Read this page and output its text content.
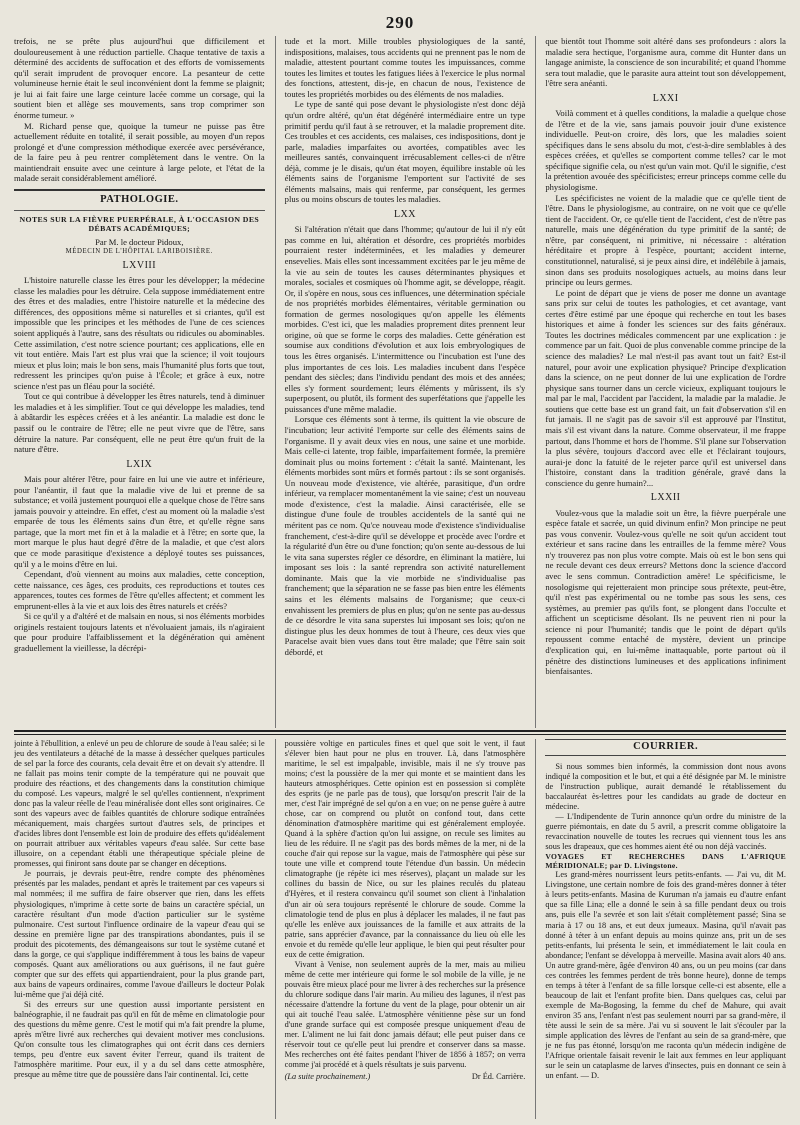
290

trefois, ne se prête plus aujourd'hui que difficilement et douloureusement à une réduction partielle. Chaque tentative de taxis a déterminé des accidents de suffocation et des efforts de vomissements qu'il serait imprudent de provoquer encore. La pesanteur de cette volumineuse hernie était le seul inconvénient dont la femme se plaignit; je lui ai fait faire une large ceinture lacée comme un corsage, qui la soutient bien et allège ses mouvements, sans trop comprimer son énorme tumeur. »

M. Richard pense que, quoique la tumeur ne puisse pas être actuellement réduite en totalité, il serait possible, au moyen d'un repos prolongé et d'une compression méthodique exercée avec persévérance, de la faire peu à peu rentrer complètement dans le ventre. On la maintiendrait ensuite avec une ceinture à large pelote, et l'état de la malade serait considérablement amélioré.

PATHOLOGIE.
NOTES SUR LA FIÈVRE PUERPÉRALE, À L'OCCASION DES DÉBATS ACADÉMIQUES;
Par M. le docteur Pidoux,
MÉDECIN DE L'HÔPITAL LARIBOISIÈRE.
LXVIII

L'histoire naturelle classe les êtres pour les développer; la médecine classe les maladies pour les détruire. Cela suppose immédiatement entre des êtres et des maladies, entre l'histoire naturelle et la médecine des différences, des oppositions même si naturelles et si criantes, qu'il est impossible que les principes et les méthodes de l'une de ces sciences soient appliqués à l'autre, sans des résultats ou ridicules ou abominables. Cette assimilation, c'est notre science pourtant; ces applications, elle en vit tout entière. Mais l'art est plus vrai que la science; il voit toujours mieux et plus loin; mais le bon sens, mais l'humanité plus forts que tout, redressent les principes qu'on puise à l'École; et grâce à eux, notre science n'est pas un fléau pour la société.

Tout ce qui contribue à développer les êtres naturels, tend à diminuer les maladies et à les simplifier. Tout ce qui développe les maladies, tend à abâtardir les espèces créées et à les anéantir. La maladie est donc le passif ou le contraire de l'être; elle ne peut vivre que de l'être, sans détruire la nature. Par conséquent, elle ne peut être qu'un fruit de la nature d'être.

LXIX

Mais pour altérer l'être, pour faire en lui une vie autre et inférieure, pour l'anéantir, il faut que la maladie vive de lui et prenne de sa substance; et voilà justement pourquoi elle a quelque chose de l'être sans jamais pouvoir y atteindre. En effet, c'est au moment où la maladie s'est emparée de tous les éléments sains d'un être, et qu'elle règne sans partage, que la mort met fin et à la maladie et à l'être; en sorte que, la mort marque le plus haut degré d'être de la maladie, et que c'est alors que ce mode parasitique d'existence a déployé toutes ses puissances, qu'il y a le moins d'être en lui.

Cependant, d'où viennent au moins aux maladies, cette conception, cette naissance, ces âges, ces produits, ces reproductions et toutes ces apparences, toutes ces formes de l'être qu'elles affectent; et comment les emprunent-elles à la vie et aux lois des êtres naturels et créés?

Si ce qu'il y a d'altéré et de malsain en nous, si nos éléments morbides originels restaient toujours latents et n'évoluaient jamais, ils n'agiraient que pour produire l'affaiblissement et la dégénération qui amènent graduellement la vieillesse, la décrépi-

tude et la mort. Mille troubles physiologiques de la santé, indispositions, malaises, tous accidents qui ne prennent pas le nom de maladie, attestent pourtant comme toutes les impuissances, comme toutes les limites et toutes les fatigues liées à l'exercice le plus normal des fonctions, attestent, dis-je, en chacun de nous, l'existence de toutes les propriétés morbides ou des éléments de nos maladies.

Le type de santé qui pose devant le physiologiste n'est donc déjà qu'un ordre altéré, qu'un état dégénéré intermédiaire entre un type primitif perdu qu'il faut à se retrouver, et la maladie proprement dite. Ces troubles et ces accidents, ces malaises, ces indispositions, dont je parle, maladies imparfaites ou avortées, compatibles avec les meilleures santés, convainquent irrécusablement celles-ci de n'être déjà, comme je le disais, qu'un état moyen, équilibre instable où les éléments sains de l'organisme l'emportent sur l'activité de ses éléments malsains, mais qui renferme, par conséquent, les germes plus ou moins obscurs de toutes les maladies.

LXX

Si l'altération n'était que dans l'homme; qu'autour de lui il n'y eût pas comme en lui, altération et désordre, ces propriétés morbides pourraient rester indéterminées, et les maladies y demeurer ensevelies. Mais elles sont incessamment excitées par le jeu même de la vie au sein de toutes les causes déterminantes physiques et morales, sociales et cosmiques où l'homme agit, se développe, réagit. Or, il s'opère en nous, sous ces influences, une détermination spéciale de nos propriétés morbides élémentaires, véritable germination ou formation de germes nosologiques qu'on appelle les éléments morbides. C'est ici, que les maladies proprement dites prennent leur origine, où que se forme le corps des maladies. Cette génération est soumise aux conditions d'évolution et aux lois embryologiques de tous les êtres organisés. L'intermittence ou l'incubation est l'une des plus importantes de ces lois. Les maladies incubent dans l'espèce pendant des siècles; dans l'individu pendant des mois et des années; elles s'y forment sourdement; leurs éléments y mûrissent, ils s'y superposent, ou plutôt, ils forment des superfétations que j'appelle les puissances d'une même maladie.

Lorsque ces éléments sont à terme, ils quittent la vie obscure de l'incubation; leur activité l'emporte sur celle des éléments sains de l'organisme. Il y avait deux vies en nous, une saine et une morbide. Mais celle-ci latente, trop faible, imparfaitement formée, la première dominait plus ou moins fortement : c'était la santé. Maintenant, les éléments morbides sont mûrs et formés partout : ils se sont organisés. Un nouveau mode d'existence, vie altérée, parasitique, d'un ordre inférieur, va remplacer momentanément la vie saine; c'est un nouveau mode d'existence, c'est la maladie. Ainsi caractérisée, elle se distingue d'une foule de troubles accidentels de la santé qui ne méritent pas ce nom. Qu'ce nouveau mode d'existence s'individualise franchement, c'est-à-dire qu'il se développe et procède avec l'ordre et la régularité d'un être ou d'une fonction; qu'on sente au-dessous de lui le vita sana superstes régler ce désordre, en éliminant la matière, lui imposant ses lois : la santé reprendra son activité naturellement dominante. Mais que la vie morbide ne s'individualise pas franchement; que la séparation ne se fasse pas bien entre les éléments sains et les éléments malsains de l'organisme; que ceux-ci envahissent les premiers de plus en plus; qu'on ne sente pas au-dessus de ce désordre le vita sana superstes lui imposant ses lois; qu'on ne distingue plus les deux hommes de tout à l'heure, ces deux vies que Paracelse avait bien vues dans tout être malade; que l'être sain soit débordé, et

que bientôt tout l'homme soit altéré dans ses profondeurs : alors la maladie sera hectique, l'organisme aura, comme dit Hunter dans un langage animiste, la conscience de son incurabilité; et quand l'homme sera tout maladie, que le parasite aura atteint tout son développement, l'être sera anéanti.

LXXI

Voilà comment et à quelles conditions, la maladie a quelque chose de l'être et de la vie, sans jamais pouvoir jouir d'une existence individuelle. Peut-on croire, dès lors, que les maladies soient spécifiques dans le sens absolu du mot, c'est-à-dire semblables à des espèces créées, et qu'elles se comportent comme telles? car le mot spécifique signifie cela, ou n'est qu'un vain mot. Qu'il le signifie, c'est la prétention avouée des spécificistes; erreur princeps comme celle du physiologisme.

Les spécificistes ne voient de la maladie que ce qu'elle tient de l'être. Dans le physiologisme, au contraire, on ne voit que ce qu'elle tient de l'accident. Or, ce qu'elle tient de l'accident, c'est de n'être pas naturelle, mais une dégénération du type primitif de la santé; de n'être, par conséquent, ni primitive, ni nécessaire : altération héréditaire et propre à l'espèce, pourtant; accident interne, constitutionnel, naturalisé, si je peux ainsi dire, et indélébile à jamais, sinon dans ses produits nosologiques actuels, au moins dans leur principe ou leurs germes.

Le point de départ que je viens de poser me donne un avantage sans prix sur celui de toutes les pathologies, et cet avantage, vant certes d'être estimé par une époque qui recherche en tout les bases historiques et aime à fonder les sciences sur des faits généraux. Toutes les doctrines médicales commencent par une explication : je commence par un fait. Quoi de plus convenable comme principe de la science des maladies? Le mal n'est-il pas avant tout un fait? Est-il naturel, pour avoir une explication physique? Principe d'explication dans la science, on ne peut donner de lui une explication de l'ordre physique sans tourner dans un cercle vicieux, expliquant toujours le mal par le mal, l'accident par l'accident, la maladie par la maladie. Je soutiens que cette base est un grand fait, un fait d'observation s'il en fut jamais. Il ne s'agit pas de savoir s'il est approuvé par l'Institut, mais s'il est vivant dans la nature. Comme observateur, il me frappe partout, dans l'homme et hors de l'homme. S'il plane sur l'observation la plus sévère, toujours d'accord avec elle et l'éclairant toujours, aurai-je donc la fatuité de le rejeter parce qu'il est universel dans l'histoire, constant dans la tradition générale, gravé dans la conscience du genre humain?...

LXXII

Voulez-vous que la maladie soit un être, la fièvre puerpérale une espèce fatale et sacrée, un quid divinum enfin? Mon principe ne peut pas vous convenir. Voulez-vous qu'elle ne soit qu'un accident tout extérieur et sans racine dans les entrailles de la femme mère? Vous n'y trouverez pas non plus votre compte. Mais où est le bon sens qui ne recule devant ces deux erreurs? Mettons donc la science d'accord avec le sens commun. Contradiction amère! Le spécificisme, le nosologisme qui rejetteraient mon principe sous prétexte, peut-être, qu'il n'est pas expérimental ou ne tombe pas sous les sens, ces systèmes, au premier pas qu'ils font, se plongent dans l'occulte et affichent un scepticisme désolant. Ils ne peuvent rien ni pour la science ni pour l'humanité; tandis que le point de départ qu'ils repoussent comme entaché de mystère, devient un principe d'explication qui, en lui-même inattaquable, porte partout où il pénètre des distinctions lumineuses et des applications infiniment bienfaisantes.

jointe à l'ébullition, a enlevé un peu de chlorure de soude à l'eau salée; si le jeu des ventilateurs a détaché de la masse à dessécher quelques particules de sel par la force des courants, cela devait être et on devait s'y attendre. Il ne fallait pas moins tenir compte de la température qui ne pouvait que produire des réactions, et des changements dans la constitution chimique du composé. Les vapeurs, malgré le sel qu'elles contiennent, n'expriment donc pas la valeur réelle de l'eau minéralisée dont elles sont originaires. Ce sont des vapeurs avec de faibles quantités de chlorure sodique entraînées mécaniquement, mais chargées surtout d'autres sels, de principes et d'acides libres dont l'ensemble est loin de produire des effets qu'idéalement on pourrait attribuer aux véritables vapeurs d'eau salée. Sur cette base illusoire, on a cependant établi une thérapeutique spéciale pleine de promesses, qui finiront sans doute par se changer en déceptions.

Je pourrais, je devrais peut-être, rendre compte des phénomènes présentés par les malades, pendant et après le traitement par ces vapeurs si mal nommées; il me suffira de faire observer que rien, dans les effets physiologiques, n'imprime à cette sorte de bains un caractère spécial, un caractère résultant d'un mode d'action particulier sur le système pulmonaire. C'est surtout l'influence ordinaire de la vapeur d'eau qui se dessine en première ligne par des transpirations abondantes, puis il se produit des picotements, des démangeaisons sur tout le système cutané et dans la gorge, ce qui s'applique indifféremment à tous les bains de vapeur composés. Quant aux améliorations ou aux guérisons, il ne faut guère compter que sur des effets qui appartiendraient, pour la plus grande part, aux bains de vapeurs ordinaires, comme l'avoue d'ailleurs le docteur Polak lui-même que j'ai déjà cité.

Si des erreurs sur une question aussi importante persistent en balnéographie, il ne faudrait pas qu'il en fût de même en climatologie pour des questions du même genre. C'est le motif qui m'a fait prendre la plume, après m'être livré aux recherches qui devaient motiver mes conclusions. Qu'on consulte tous les climatographes qui ont écrit dans ces derniers temps, peu d'entre eux savent éviter l'erreur, quand ils traitent de l'atmosphère maritime. Pour eux, il y a du sel dans cette atmosphère, presque au même titre que de poussière dans l'air continental. Ici, cette

poussière voltige en particules fines et quel que soit le vent, il faut s'élever bien haut pour ne plus en trouver. Là, dans l'atmosphère maritime, le sel est impalpable, invisible, mais il ne s'y trouve pas moins; c'est la poussière de la mer qui monte et se maintient dans les hauteurs atmosphériques. Cette opinion est en possession si complète des esprits (je ne parle pas de tous), que lorsqu'on prescrit l'air de la mer, c'est l'air imprégné de sel qu'on a en vue; on ne pense guère à autre chose, car on comprend ou plutôt on confond tout, dans cette dénomination d'atmosphère maritime qui est généralement employée. Quand à la sphère d'action qu'on lui assigne, on recule ses limites au lieu de les réduire. Il ne s'agit pas des bords mêmes de la mer, ni de la couche d'air qui repose sur la vague, mais de l'atmosphère qui pèse sur toute une ville et comprend toute l'étendue d'un bassin. Un médecin climatographe (je répète ici mes réserves), plaçant un malade sur les collines du bassin de Nice, ou sur les plaines reculés du plateau d'Hyères, et il restera convaincu qu'il soumet son client à l'inhalation d'un air où sera toujours représenté le chlorure de soude. Comme la climatologie tend de plus en plus à déplacer les malades, il ne faut pas qu'elle les enlève aux jouissances de la famille et aux attraits de la patrie, sans apprécier d'avance, par la connaissance du lieu où elle les envoie et du remède qu'elle leur applique, le bien qui peut résulter pour eux de cette émigration.

Vivant à Venise, non seulement auprès de la mer, mais au milieu même de cette mer intérieure qui forme le sol mobile de la ville, je ne pouvais être mieux placé pour me livrer à des recherches sur la présence du chlorure sodique dans l'air marin. Au milieu des lagunes, il n'est pas nécessaire d'attendre la fortune du vent de la plage, pour obtenir un air qui ait touché l'eau salée. L'atmosphère vénitienne pèse sur un fond d'une grande surface qui est composée presque uniquement d'eau de mer. L'aliment ne lui fait donc jamais défaut; elle peut puiser dans ce réservoir tout ce qu'elle peut lui prendre et conserver dans sa masse. Mes recherches ont été faites pendant l'hiver de 1856 à 1857; on verra comme j'ai procédé et à quels résultats je suis parvenu.

(La suite prochainement.)	Dr Éd. Carrière.
COURRIER.

Si nous sommes bien informés, la commission dont nous avons indiqué la composition et le but, et qui a été désignée par M. le ministre de l'instruction publique, aurait demandé le rétablissement du baccalauréat ès-lettres pour les candidats au grade de docteur en médecine.

— L'Indipendente de Turin annonce qu'un ordre du ministre de la guerre piémontais, en date du 5 avril, a prescrit comme obligatoire la revaccination nouvelle de toutes les recrues qui viennent tous les ans sous les drapeaux, que ces hommes aient été ou non déjà vaccinés.

VOYAGES ET RECHERCHES DANS L'AFRIQUE MÉRIDIONALE; par D. Livingstone.

Les grand-mères nourrissent leurs petits-enfants. — J'ai vu, dit M. Livingstone, une certain nombre de fois des grand-mères donner à téter à leurs petits-enfants. Masina de Kuruman n'a jamais eu d'autre enfant que sa fille Lina; elle a donné le sein à sa fille pendant deux ou trois ans, puis elle l'a sevrée et son lait s'était complètement passé; Sina se maria à 17 ou 18 ans, et eut deux jumeaux. Masina, qu'il n'avait pas donné à téter à un enfant depuis au moins quinze ans, prit un de ses petits-enfants, lui présenta le sein, et immédiatement le lait coula en abondance; l'enfant se développa à merveille. Masina avait alors 40 ans. Un autre grand-mère, âgée d'environ 40 ans, ou un peu moins (car dans ces contrées les femmes perdent de très bonne heure), donne de temps en temps à téter à l'enfant de sa fille lorsque celle-ci est absente, elle a beaucoup de lait et l'enfant profite bien. Dans quelques cas, celui par exemple de Ma-Bogosing, la femme du chef de Mahure, qui avait environ 35 ans, l'enfant n'est pas seulement nourri par sa grand-mère, il tète aussi le sein de sa mère. J'ai vu si souvent le lait s'écouler par la simple application des lèvres de l'enfant au sein de sa grand-mère, que je ne fus pas étonné, lorsqu'on me raconta qu'un médecin indigène de l'Afrique orientale faisait revenir le lait aux femmes en leur appliquant sur le sein un cataplasme de larves d'insectes, puis en donnant ce sein à un enfant. — D.
